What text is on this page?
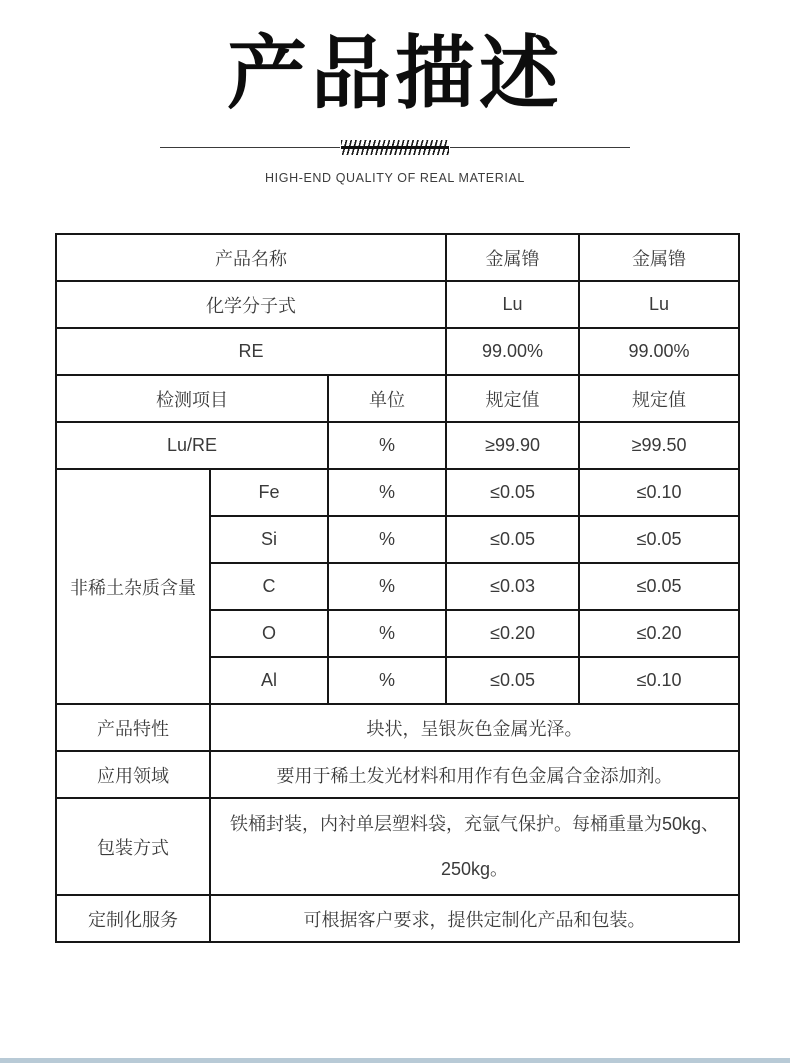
产品描述
HIGH-END QUALITY OF REAL MATERIAL
产品名称			金属镥	金属镥
化学分子式			Lu	Lu
RE			99.00%	99.00%
检测项目		单位	规定值	规定值
Lu/RE		%	≥99.90	≥99.50
非稀土杂质含量	Fe	%	≤0.05	≤0.10
	Si	%	≤0.05	≤0.05
	C	%	≤0.03	≤0.05
	O	%	≤0.20	≤0.20
	Al	%	≤0.05	≤0.10
产品特性	块状，呈银灰色金属光泽。			
应用领域	要用于稀土发光材料和用作有色金属合金添加剂。			
包装方式	铁桶封装，内衬单层塑料袋，充氩气保护。每桶重量为50kg、250kg。			
定制化服务	可根据客户要求，提供定制化产品和包装。			
